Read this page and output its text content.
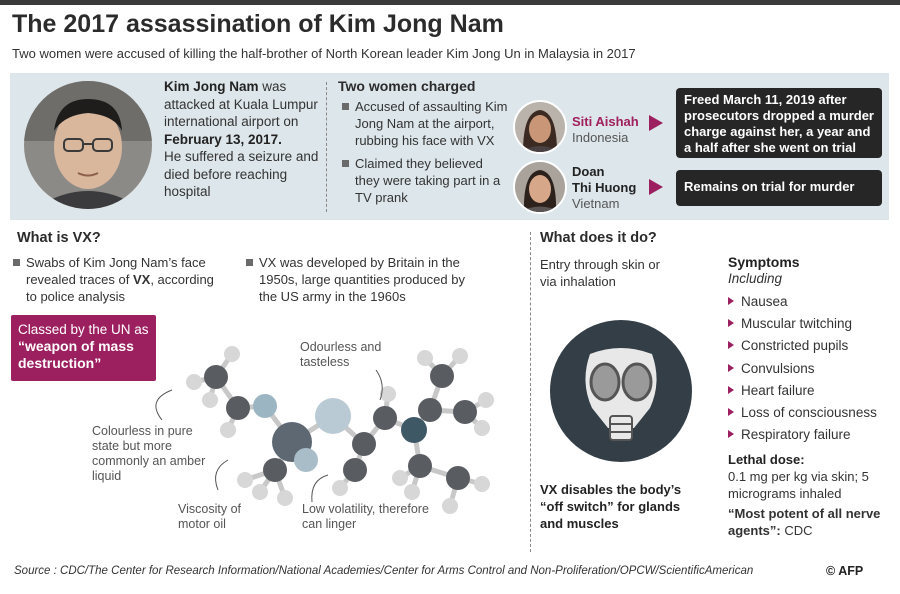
The 2017 assassination of Kim Jong Nam
Two women were accused of killing the half-brother of North Korean leader Kim Jong Un in Malaysia in 2017
Kim Jong Nam was attacked at Kuala Lumpur international airport on February 13, 2017.
He suffered a seizure and died before reaching hospital
Two women charged
Accused of assaulting Kim Jong Nam at the airport, rubbing his face with VX
Claimed they believed they were taking part in a TV prank
Siti Aishah
Indonesia
Freed March 11, 2019 after prosecutors dropped a murder charge against her, a year and a half after she went on trial
Doan
Thi Huong
Vietnam
Remains on trial for murder
What is VX?
Swabs of Kim Jong Nam’s face revealed traces of VX, according to police analysis
VX was developed by Britain in the 1950s, large quantities produced by the US army in the 1960s
Classed by the UN as
“weapon of mass destruction”
Odourless and tasteless
Colourless in pure state but more commonly an amber liquid
Viscosity of motor oil
Low volatility, therefore can linger
What does it do?
Entry through skin or via inhalation
VX disables the body’s “off switch” for glands and muscles
Symptoms
Including
Nausea
Muscular twitching
Constricted pupils
Convulsions
Heart failure
Loss of consciousness
Respiratory failure
Lethal dose:
0.1 mg per kg via skin; 5 micrograms inhaled
“Most potent of all nerve agents”: CDC
Source : CDC/The Center for Research Information/National Academies/Center for Arms Control and Non-Proliferation/OPCW/ScientificAmerican	© AFP
